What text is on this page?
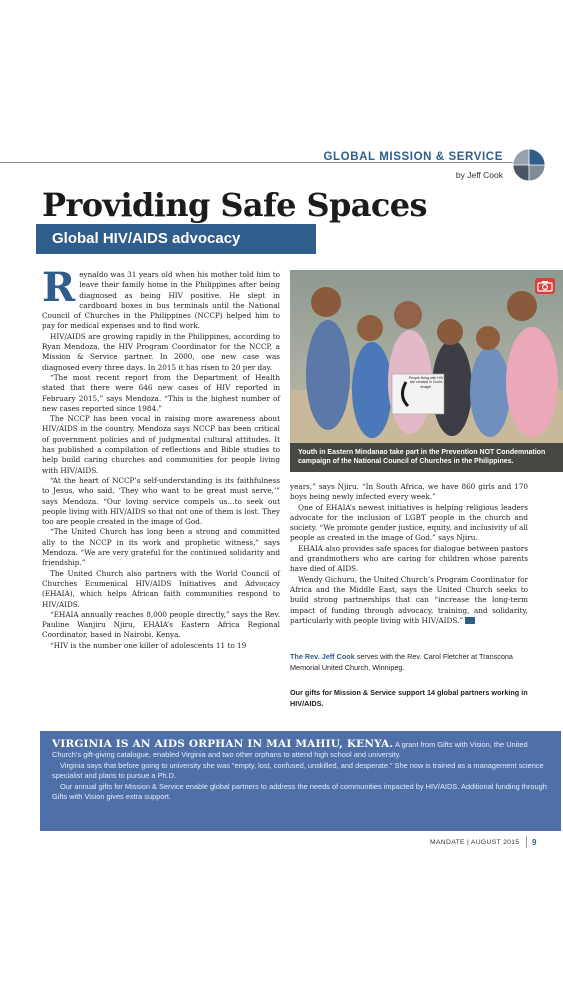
GLOBAL MISSION & SERVICE
by Jeff Cook
Providing Safe Spaces
Global HIV/AIDS advocacy

Reynaldo was 31 years old when his mother told him to leave their family home in the Philippines after being diagnosed as being HIV positive. He slept in cardboard boxes in bus terminals until the National Council of Churches in the Philippines (NCCP) helped him to pay for medical expenses and to find work.

HIV/AIDS are growing rapidly in the Philippines, according to Ryan Mendoza, the HIV Program Coordinator for the NCCP, a Mission & Service partner. In 2000, one new case was diagnosed every three days. In 2015 it has risen to 20 per day.

“The most recent report from the Department of Health stated that there were 646 new cases of HIV reported in February 2015,” says Mendoza. “This is the highest number of new cases reported since 1984.”

The NCCP has been vocal in raising more awareness about HIV/AIDS in the country. Mendoza says NCCP has been critical of government policies and of judgmental cultural attitudes. It has published a compilation of reflections and Bible studies to help build caring churches and communities for people living with HIV/AIDS.

“At the heart of NCCP’s self-understanding is its faithfulness to Jesus, who said, ‘They who want to be great must serve,’” says Mendoza. “Our loving service compels us…to seek out people living with HIV/AIDS so that not one of them is lost. They too are people created in the image of God.

“The United Church has long been a strong and committed ally to the NCCP in its work and prophetic witness,” says Mendoza. “We are very grateful for the continued solidarity and friendship.”

The United Church also partners with the World Council of Churches Ecumenical HIV/AIDS Initiatives and Advocacy (EHAIA), which helps African faith communities respond to HIV/AIDS.

“EHAIA annually reaches 8,000 people directly,” says the Rev. Pauline Wanjiru Njiru, EHAIA’s Eastern Africa Regional Coordinator, based in Nairobi, Kenya.

“HIV is the number one killer of adolescents 11 to 19

People living with HIV are created in God’s image!
Youth in Eastern Mindanao take part in the Prevention NOT Condemnation campaign of the National Council of Churches in the Philippines.

years,” says Njiru. “In South Africa, we have 860 girls and 170 boys being newly infected every week.”

One of EHAIA’s newest initiatives is helping religious leaders advocate for the inclusion of LGBT people in the church and society. “We promote gender justice, equity, and inclusivity of all people as created in the image of God,” says Njiru.

EHAIA also provides safe spaces for dialogue between pastors and grandmothers who are caring for children whose parents have died of AIDS.

Wendy Gichuru, the United Church’s Program Coordinator for Africa and the Middle East, says the United Church seeks to build strong partnerships that can “increase the long-term impact of funding through advocacy, training, and solidarity, particularly with people living with HIV/AIDS.”

The Rev. Jeff Cook serves with the Rev. Carol Fletcher at Transcona Memorial United Church, Winnipeg.
Our gifts for Mission & Service support 14 global partners working in HIV/AIDS.

VIRGINIA IS AN AIDS ORPHAN IN MAI MAHIU, KENYA. A grant from Gifts with Vision, the United Church’s gift-giving catalogue, enabled Virginia and two other orphans to attend high school and university.

Virginia says that before going to university she was “empty, lost, confused, unskilled, and desperate.” She now is trained as a management science specialist and plans to pursue a Ph.D.

Our annual gifts for Mission & Service enable global partners to address the needs of communities impacted by HIV/AIDS. Additional funding through Gifts with Vision gives extra support.

MANDATE | AUGUST 2015 9
